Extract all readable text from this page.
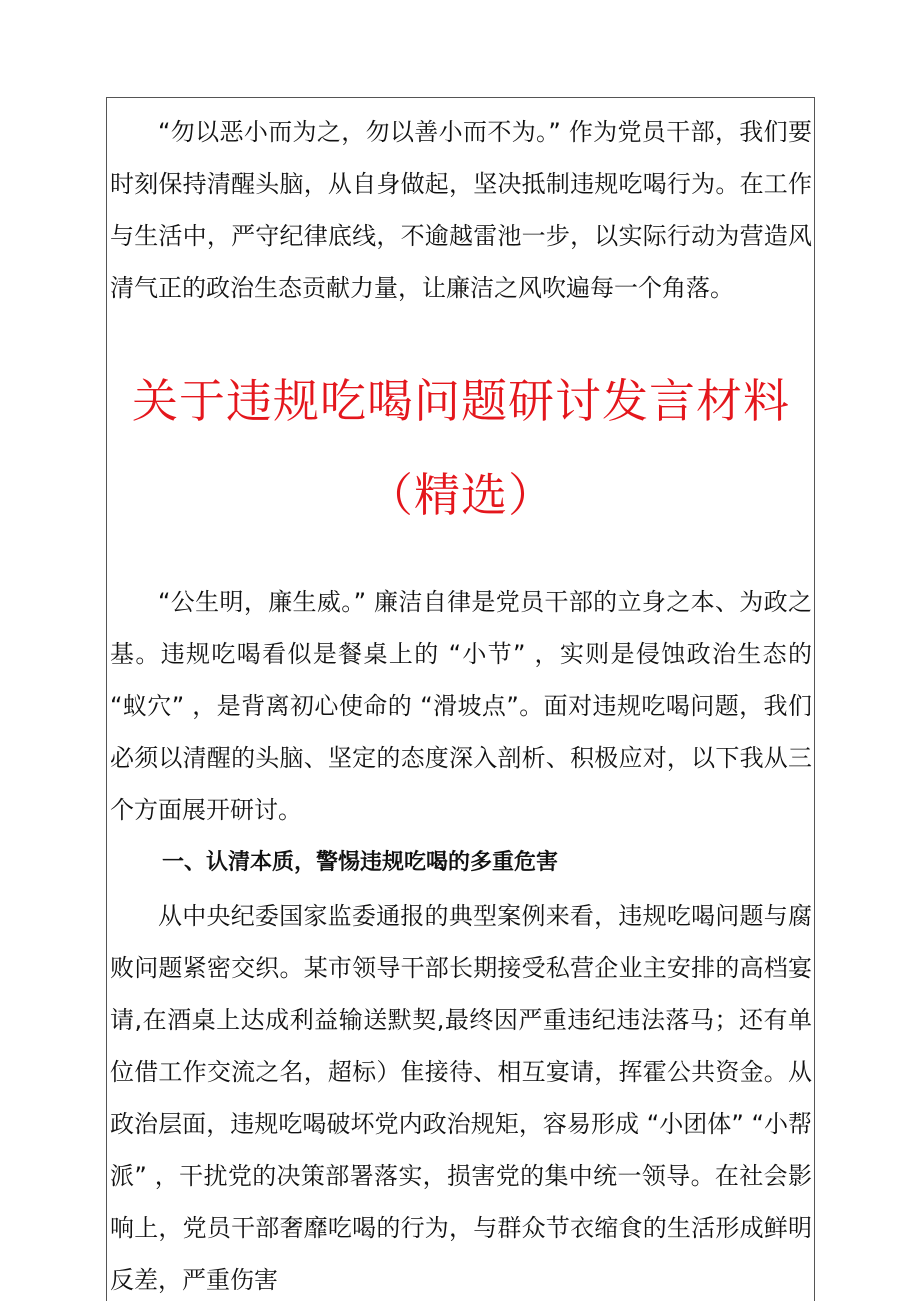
“勿以恶小而为之，勿以善小而不为。” 作为党员干部，我们要时刻保持清醒头脑，从自身做起，坚决抵制违规吃喝行为。在工作与生活中，严守纪律底线，不逾越雷池一步，以实际行动为营造风清气正的政治生态贡献力量，让廉洁之风吹遍每一个角落。

关于违规吃喝问题研讨发言材料
（精选）

“公生明，廉生威。” 廉洁自律是党员干部的立身之本、为政之基。违规吃喝看似是餐桌上的 “小节” ，实则是侵蚀政治生态的 “蚁穴” ，是背离初心使命的 “滑坡点”。面对违规吃喝问题，我们必须以清醒的头脑、坚定的态度深入剖析、积极应对，以下我从三个方面展开研讨。

一、认清本质，警惕违规吃喝的多重危害

从中央纪委国家监委通报的典型案例来看，违规吃喝问题与腐败问题紧密交织。某市领导干部长期接受私营企业主安排的高档宴请,在酒桌上达成利益输送默契,最终因严重违纪违法落马；还有单位借工作交流之名，超标）隹接待、相互宴请，挥霍公共资金。从政治层面，违规吃喝破坏党内政治规矩，容易形成 “小团体” “小帮派” ，干扰党的决策部署落实，损害党的集中统一领导。在社会影响上，党员干部奢靡吃喝的行为，与群众节衣缩食的生活形成鲜明反差，严重伤害
